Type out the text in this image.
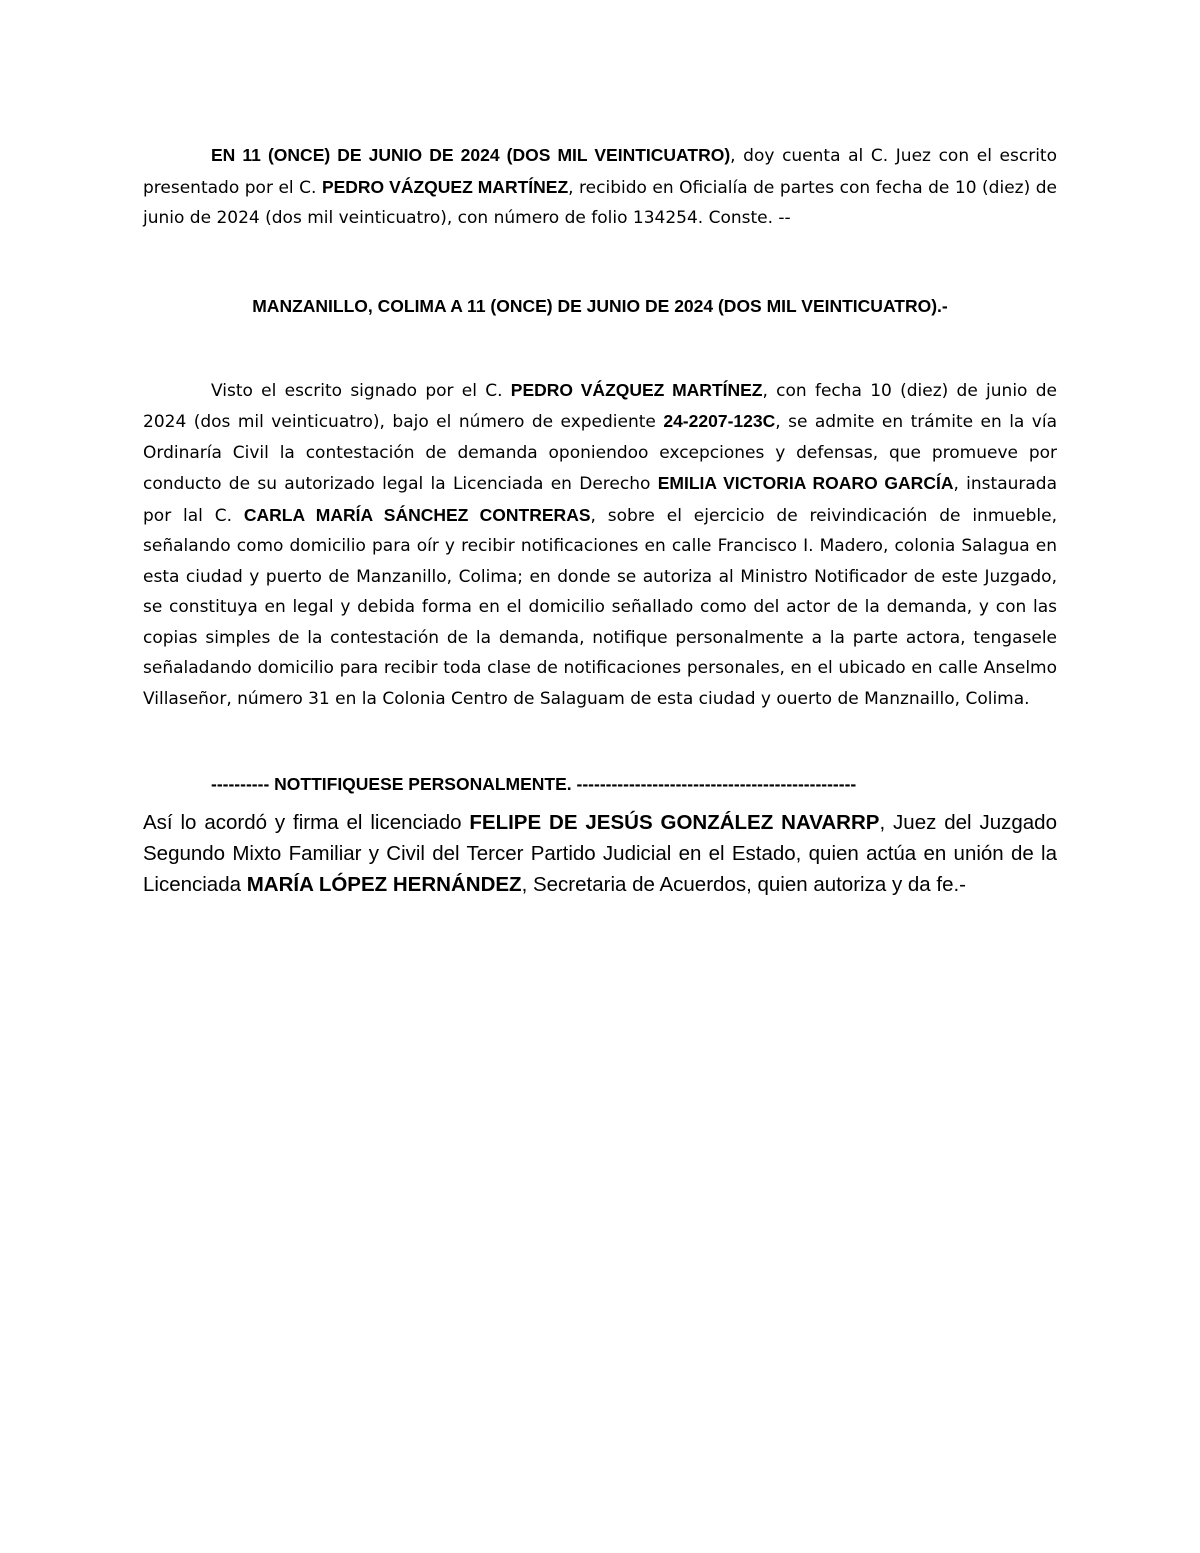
EN 11 (ONCE) DE JUNIO DE 2024 (DOS MIL VEINTICUATRO), doy cuenta al C. Juez con el escrito presentado por el C. PEDRO VÁZQUEZ MARTÍNEZ, recibido en Oficialía de partes con fecha de 10 (diez) de junio de 2024 (dos mil veinticuatro), con número de folio 134254. Conste. --

MANZANILLO, COLIMA A 11 (ONCE) DE JUNIO DE 2024 (DOS MIL VEINTICUATRO).-

Visto el escrito signado por el C. PEDRO VÁZQUEZ MARTÍNEZ, con fecha 10 (diez) de junio de 2024 (dos mil veinticuatro), bajo el número de expediente 24-2207-123C, se admite en trámite en la vía Ordinaría Civil la contestación de demanda oponiendoo excepciones y defensas, que promueve por conducto de su autorizado legal la Licenciada en Derecho EMILIA VICTORIA ROARO GARCÍA, instaurada por lal C. CARLA MARÍA SÁNCHEZ CONTRERAS, sobre el ejercicio de reivindicación de inmueble, señalando como domicilio para oír y recibir notificaciones en calle Francisco I. Madero, colonia Salagua en esta ciudad y puerto de Manzanillo, Colima; en donde se autoriza al Ministro Notificador de este Juzgado, se constituya en legal y debida forma en el domicilio señallado como del actor de la demanda, y con las copias simples de la contestación de la demanda, notifique personalmente a la parte actora, tengasele señaladando domicilio para recibir toda clase de notificaciones personales, en el ubicado en calle Anselmo Villaseñor, número 31 en la Colonia Centro de Salaguam de esta ciudad y ouerto de Manznaillo, Colima.

---------- NOTTIFIQUESE PERSONALMENTE. ------------------------------------------------

Así lo acordó y firma el licenciado FELIPE DE JESÚS GONZÁLEZ NAVARRP, Juez del Juzgado Segundo Mixto Familiar y Civil del Tercer Partido Judicial en el Estado, quien actúa en unión de la Licenciada MARÍA LÓPEZ HERNÁNDEZ, Secretaria de Acuerdos, quien autoriza y da fe.-
